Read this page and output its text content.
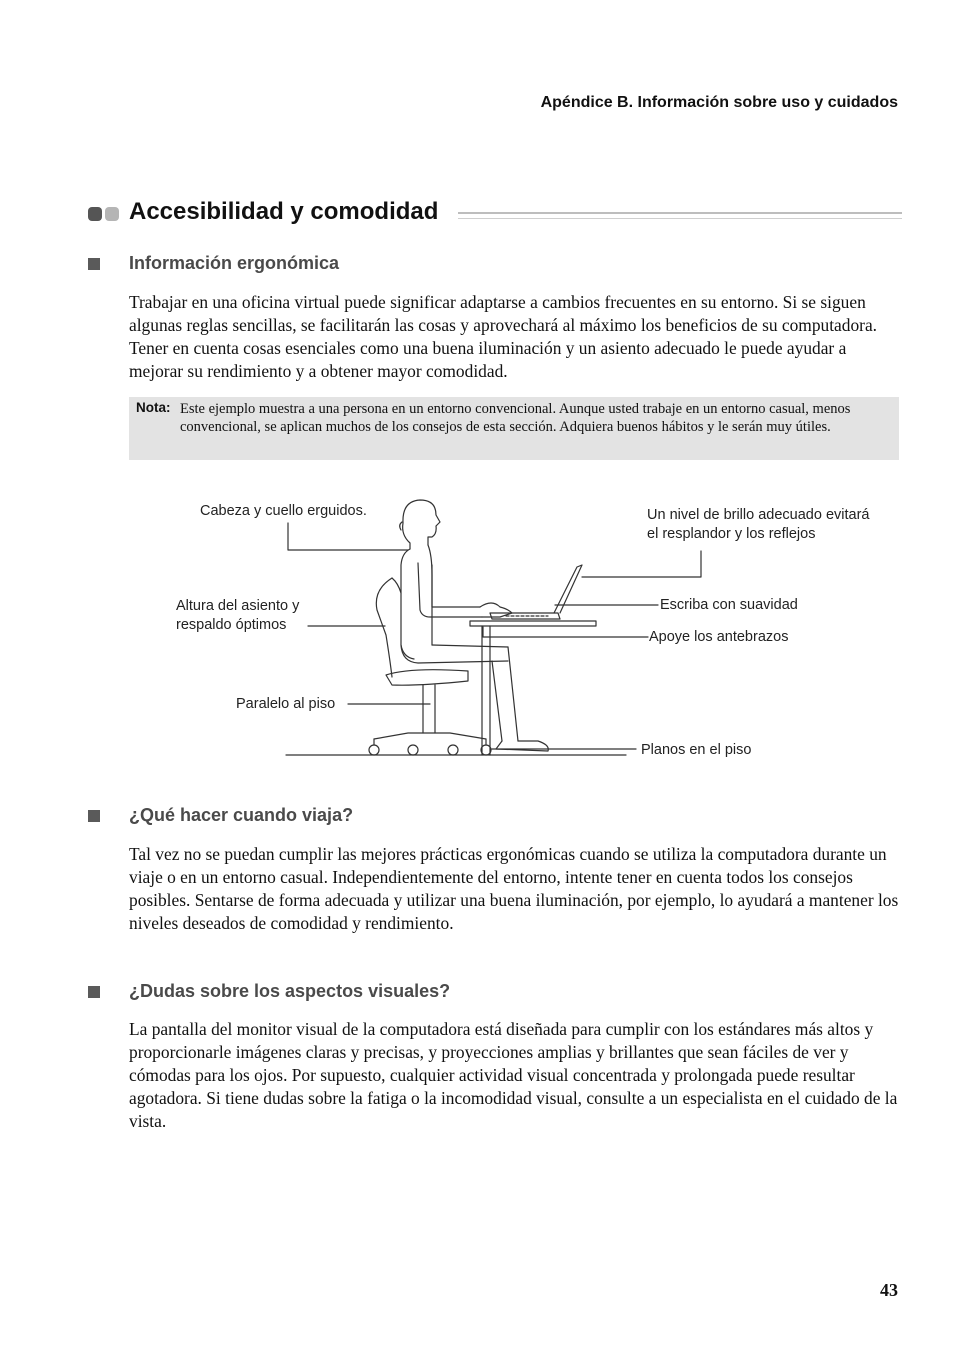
Apéndice B. Información sobre uso y cuidados
Accesibilidad y comodidad
Información ergonómica
Trabajar en una oficina virtual puede significar adaptarse a cambios frecuentes en su entorno. Si se siguen algunas reglas sencillas, se facilitarán las cosas y aprovechará al máximo los beneficios de su computadora. Tener en cuenta cosas esenciales como una buena iluminación y un asiento adecuado le puede ayudar a mejorar su rendimiento y a obtener mayor comodidad.
Nota: Este ejemplo muestra a una persona en un entorno convencional. Aunque usted trabaje en un entorno casual, menos convencional, se aplican muchos de los consejos de esta sección. Adquiera buenos hábitos y le serán muy útiles.
Cabeza y cuello erguidos.	Un nivel de brillo adecuado evitará
el resplandor y los reflejos
Altura del asiento y
respaldo óptimos
Escriba con suavidad
Apoye los antebrazos
Paralelo al piso
Planos en el piso
¿Qué hacer cuando viaja?
Tal vez no se puedan cumplir las mejores prácticas ergonómicas cuando se utiliza la computadora durante un viaje o en un entorno casual. Independientemente del entorno, intente tener en cuenta todos los consejos posibles. Sentarse de forma adecuada y utilizar una buena iluminación, por ejemplo, lo ayudará a mantener los niveles deseados de comodidad y rendimiento.
¿Dudas sobre los aspectos visuales?
La pantalla del monitor visual de la computadora está diseñada para cumplir con los estándares más altos y proporcionarle imágenes claras y precisas, y proyecciones amplias y brillantes que sean fáciles de ver y cómodas para los ojos. Por supuesto, cualquier actividad visual concentrada y prolongada puede resultar agotadora. Si tiene dudas sobre la fatiga o la incomodidad visual, consulte a un especialista en el cuidado de la vista.
43
